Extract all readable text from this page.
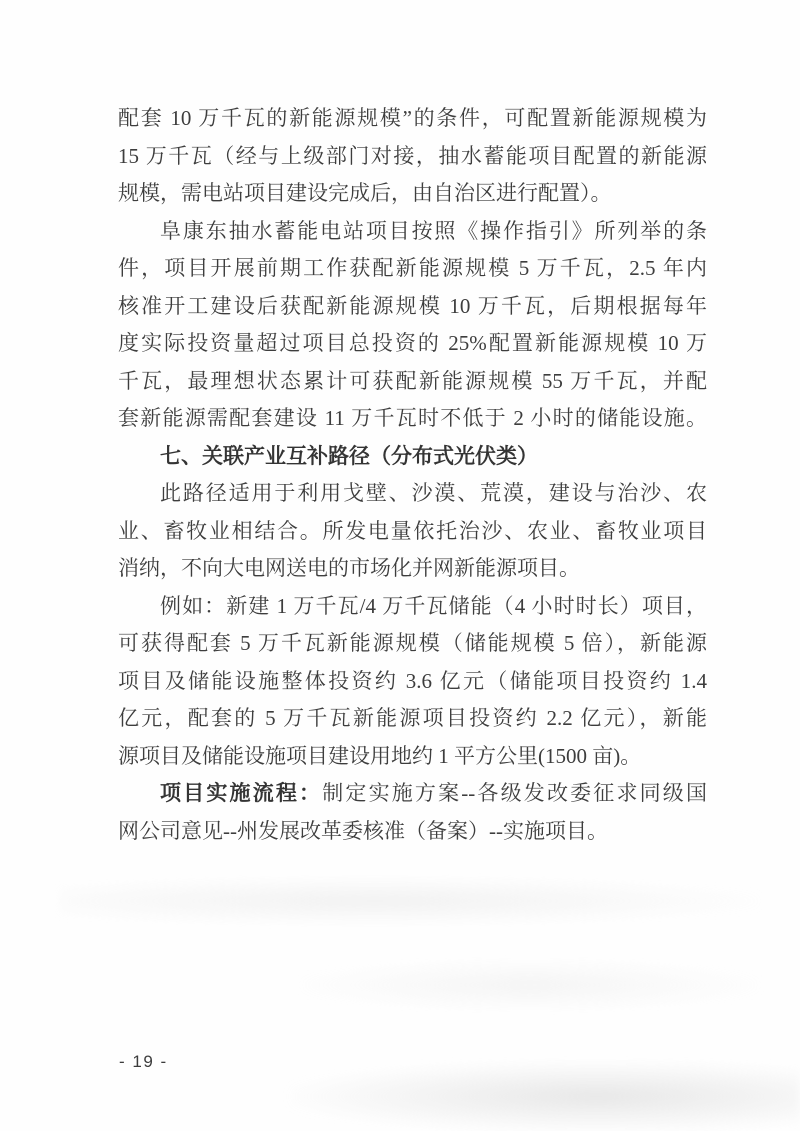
配套 10 万千瓦的新能源规模”的条件，可配置新能源规模为
15 万千瓦（经与上级部门对接，抽水蓄能项目配置的新能源
规模，需电站项目建设完成后，由自治区进行配置）。
阜康东抽水蓄能电站项目按照《操作指引》所列举的条
件，项目开展前期工作获配新能源规模 5 万千瓦，2.5 年内
核准开工建设后获配新能源规模 10 万千瓦，后期根据每年
度实际投资量超过项目总投资的 25%配置新能源规模 10 万
千瓦，最理想状态累计可获配新能源规模 55 万千瓦，并配
套新能源需配套建设 11 万千瓦时不低于 2 小时的储能设施。
七、关联产业互补路径（分布式光伏类）
此路径适用于利用戈壁、沙漠、荒漠，建设与治沙、农
业、畜牧业相结合。所发电量依托治沙、农业、畜牧业项目
消纳，不向大电网送电的市场化并网新能源项目。
例如：新建 1 万千瓦/4 万千瓦储能（4 小时时长）项目，
可获得配套 5 万千瓦新能源规模（储能规模 5 倍），新能源
项目及储能设施整体投资约 3.6 亿元（储能项目投资约 1.4
亿元，配套的 5 万千瓦新能源项目投资约 2.2 亿元），新能
源项目及储能设施项目建设用地约 1 平方公里(1500 亩)。
项目实施流程：制定实施方案--各级发改委征求同级国
网公司意见--州发展改革委核准（备案）--实施项目。
- 19 -
